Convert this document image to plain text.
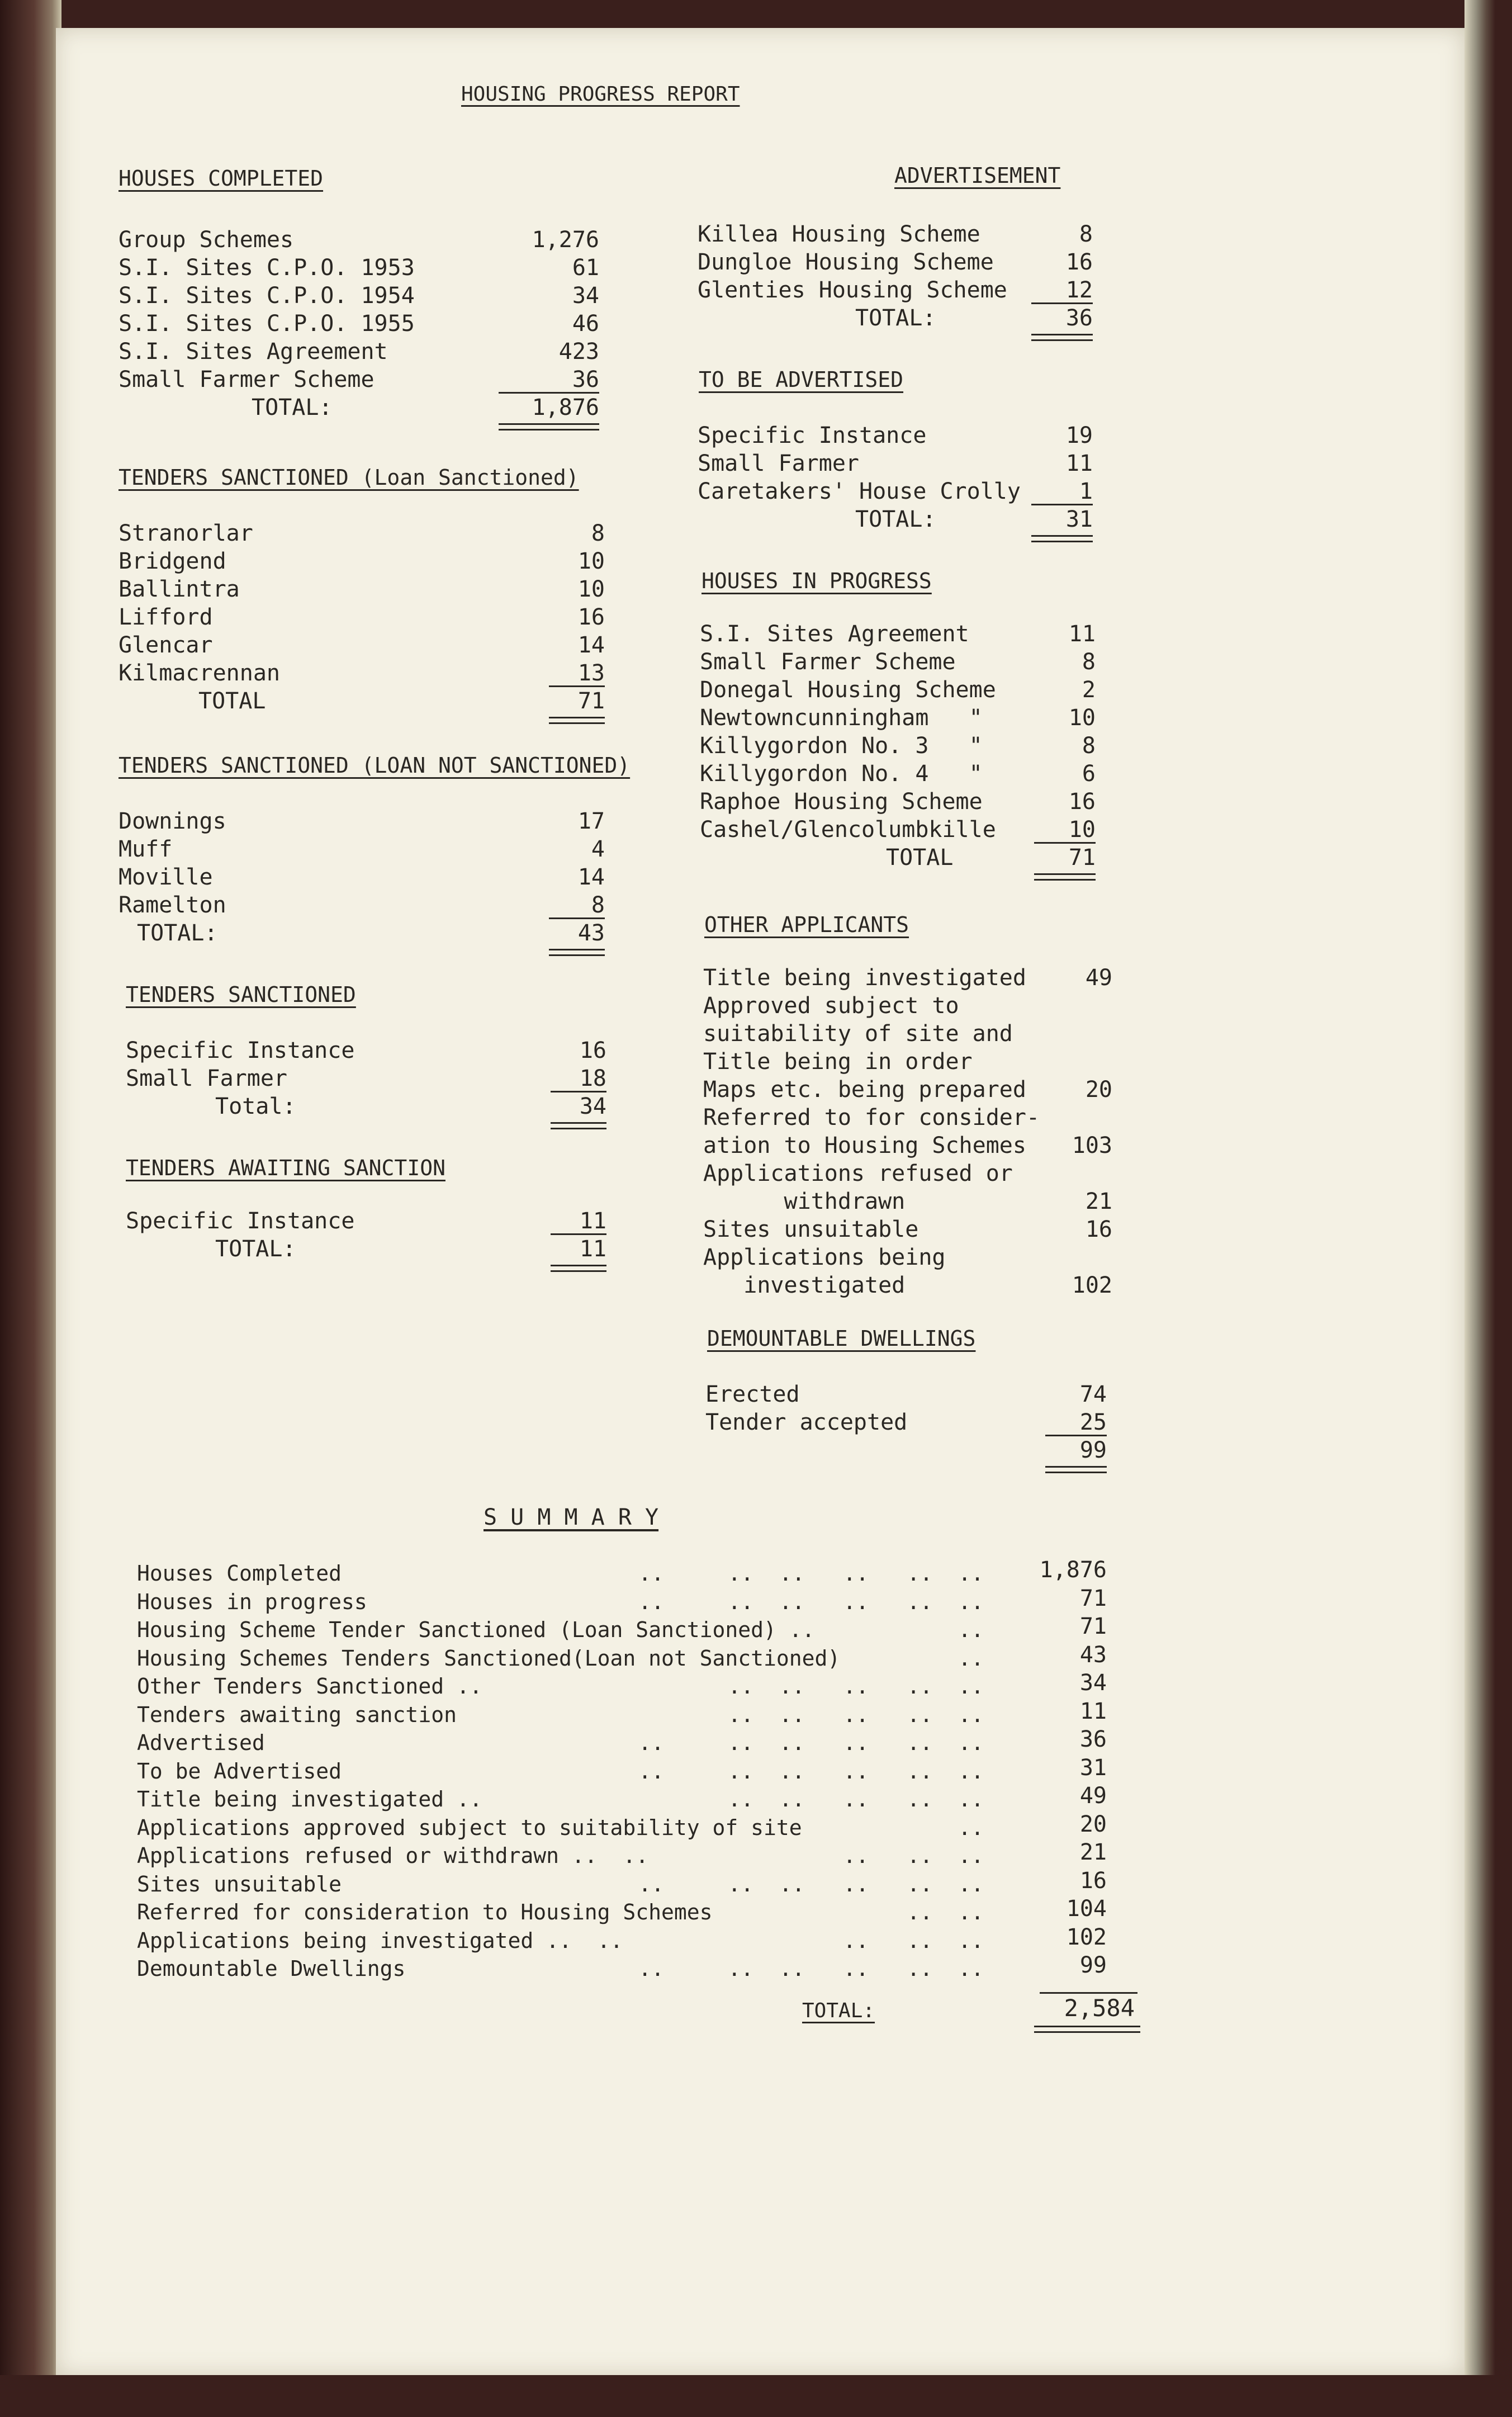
HOUSING PROGRESS REPORT
HOUSES COMPLETED
TENDERS SANCTIONED (Loan Sanctioned)
TENDERS SANCTIONED (LOAN NOT SANCTIONED)
TENDERS SANCTIONED
TENDERS AWAITING SANCTION
ADVERTISEMENT
TO BE ADVERTISED
HOUSES IN PROGRESS
OTHER APPLICANTS
DEMOUNTABLE DWELLINGS
S U M M A R Y
Group Schemes	1,276
S.I. Sites C.P.O. 1953	61
S.I. Sites C.P.O. 1954	34
S.I. Sites C.P.O. 1955	46
S.I. Sites Agreement	423
Small Farmer Scheme	36
TOTAL:	1,876
Stranorlar	8
Bridgend	10
Ballintra	10
Lifford	16
Glencar	14
Kilmacrennan	13
TOTAL	71
Downings	17
Muff	4
Moville	14
Ramelton	8
TOTAL:	43
Specific Instance	16
Small Farmer	18
Total:	34
Specific Instance	11
TOTAL:	11
Killea Housing Scheme	8
Dungloe Housing Scheme	16
Glenties Housing Scheme	12
TOTAL:	36
Specific Instance	19
Small Farmer	11
Caretakers' House Crolly	1
TOTAL:	31
S.I. Sites Agreement	11
Small Farmer Scheme	8
Donegal Housing Scheme	2
Newtowncunningham   "	10
Killygordon No. 3   "	8
Killygordon No. 4   "	6
Raphoe Housing Scheme	16
Cashel/Glencolumbkille	10
TOTAL	71
Title being investigated	49
Approved subject to
suitability of site and
Title being in order
Maps etc. being prepared	20
Referred to for consider-
ation to Housing Schemes	103
Applications refused or
withdrawn	21
Sites unsuitable	16
Applications being
investigated	102
Erected	74
Tender accepted	25
99
Houses Completed	..     ..  ..   ..   ..  ..	1,876
Houses in progress	..     ..  ..   ..   ..  ..	71
Housing Scheme Tender Sanctioned (Loan Sanctioned) ..	..	71
Housing Schemes Tenders Sanctioned(Loan not Sanctioned)	..	43
Other Tenders Sanctioned ..	..  ..   ..   ..  ..	34
Tenders awaiting sanction	..  ..   ..   ..  ..	11
Advertised	..     ..  ..   ..   ..  ..	36
To be Advertised	..     ..  ..   ..   ..  ..	31
Title being investigated ..	..  ..   ..   ..  ..	49
Applications approved subject to suitability of site	..	20
Applications refused or withdrawn ..  ..	..   ..  ..	21
Sites unsuitable	..     ..  ..   ..   ..  ..	16
Referred for consideration to Housing Schemes	..  ..	104
Applications being investigated ..  ..	..   ..  ..	102
Demountable Dwellings	..     ..  ..   ..   ..  ..	99
TOTAL:	2,584
